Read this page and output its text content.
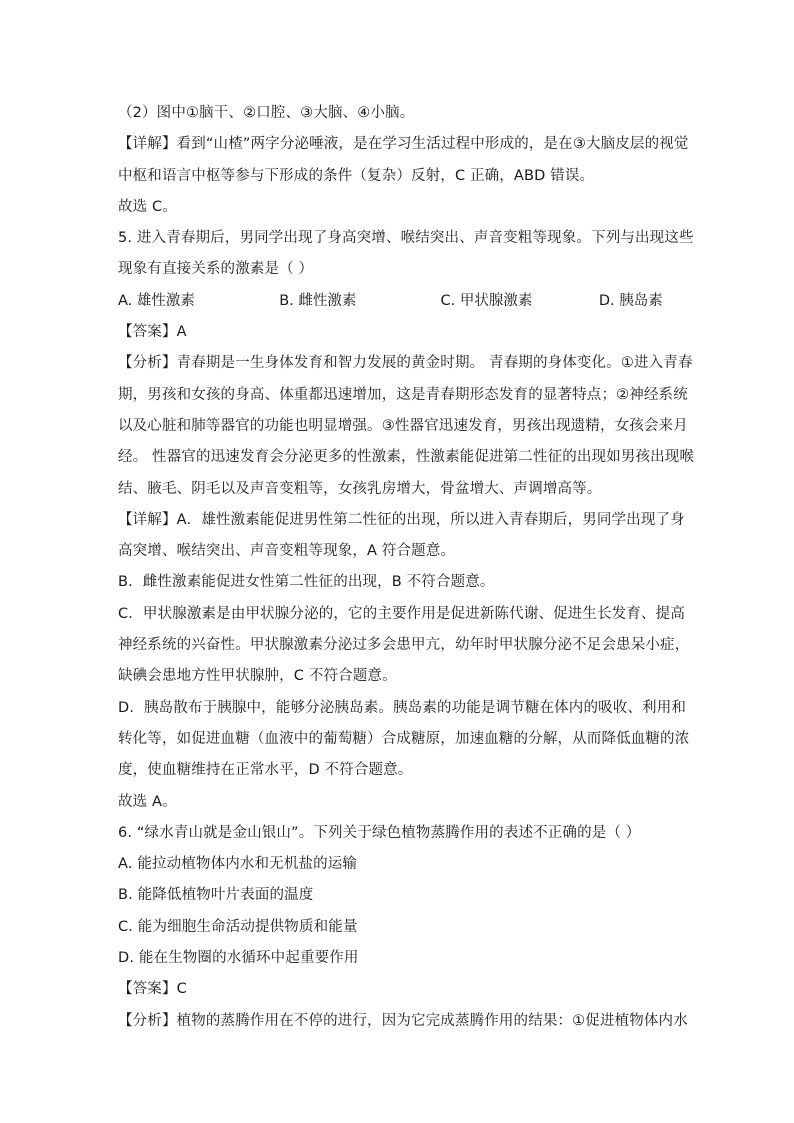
（2）图中①脑干、②口腔、③大脑、④小脑。
【详解】看到“山楂”两字分泌唾液，是在学习生活过程中形成的，是在③大脑皮层的视觉
中枢和语言中枢等参与下形成的条件（复杂）反射，C 正确，ABD 错误。
故选 C。
5. 进入青春期后，男同学出现了身高突增、喉结突出、声音变粗等现象。下列与出现这些
现象有直接关系的激素是（ ）
A. 雄性激素	B. 雌性激素	C. 甲状腺激素	D. 胰岛素
【答案】A
【分析】青春期是一生身体发育和智力发展的黄金时期。 青春期的身体变化。①进入青春
期，男孩和女孩的身高、体重都迅速增加，这是青春期形态发育的显著特点；②神经系统
以及心脏和肺等器官的功能也明显增强。③性器官迅速发育，男孩出现遗精，女孩会来月
经。 性器官的迅速发育会分泌更多的性激素，性激素能促进第二性征的出现如男孩出现喉
结、腋毛、阴毛以及声音变粗等，女孩乳房增大，骨盆增大、声调增高等。
【详解】A．雄性激素能促进男性第二性征的出现，所以进入青春期后，男同学出现了身
高突增、喉结突出、声音变粗等现象，A 符合题意。
B．雌性激素能促进女性第二性征的出现，B 不符合题意。
C．甲状腺激素是由甲状腺分泌的，它的主要作用是促进新陈代谢、促进生长发育、提高
神经系统的兴奋性。甲状腺激素分泌过多会患甲亢，幼年时甲状腺分泌不足会患呆小症，
缺碘会患地方性甲状腺肿，C 不符合题意。
D．胰岛散布于胰腺中，能够分泌胰岛素。胰岛素的功能是调节糖在体内的吸收、利用和
转化等，如促进血糖（血液中的葡萄糖）合成糖原，加速血糖的分解，从而降低血糖的浓
度，使血糖维持在正常水平，D 不符合题意。
故选 A。
6. “绿水青山就是金山银山”。下列关于绿色植物蒸腾作用的表述不正确的是（ ）
A. 能拉动植物体内水和无机盐的运输
B. 能降低植物叶片表面的温度
C. 能为细胞生命活动提供物质和能量
D. 能在生物圈的水循环中起重要作用
【答案】C
【分析】植物的蒸腾作用在不停的进行，因为它完成蒸腾作用的结果：①促进植物体内水
